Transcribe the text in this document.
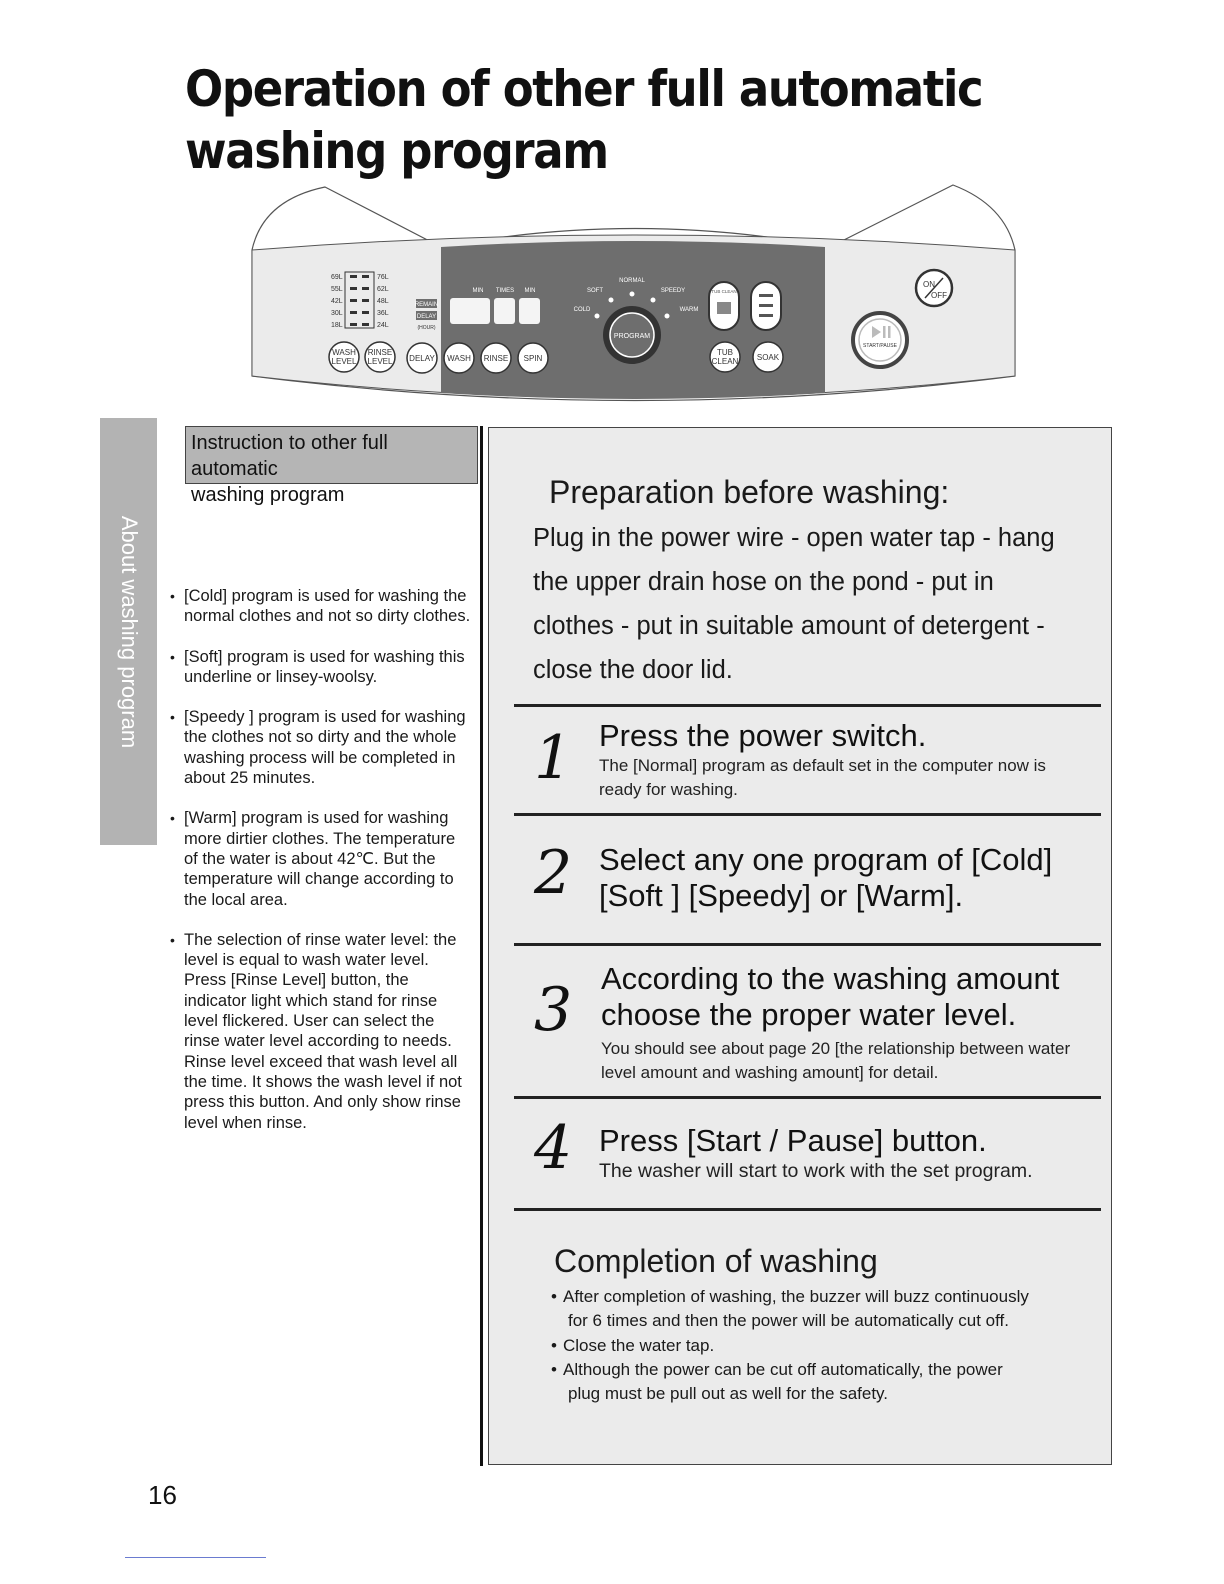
Operation of other full automatic
washing program
69L
55L
42L
30L
18L
76L
62L
48L
36L
24L
REMAIN
DELAY
(HOUR)
MIN TIMES MIN
NORMAL
SOFT	SPEEDY
COLD	WARM
PROGRAM
TUB CLEAN
WASH
LEVEL
RINSE
LEVEL DELAY WASH RINSE SPIN
TUB
CLEAN SOAK
ON
OFF
START/PAUSE
About washing program
Instruction to other full automatic
washing program
• [Cold] program is used for washing the normal clothes and not so dirty clothes.
• [Soft] program is used for washing this underline or linsey-woolsy.
• [Speedy ] program is used for washing the clothes not so dirty and the whole washing process will be completed in about 25 minutes.
• [Warm] program is used for washing more dirtier clothes. The temperature of the water is about 42℃. But the temperature will change according to the local area.
• The selection of rinse water level: the level is equal to wash water level. Press [Rinse Level] button, the indicator light which stand for rinse level flickered. User can select the rinse water level according to needs. Rinse level exceed that wash level all the time. It shows the wash level if not press this button. And only show rinse level when rinse.
Preparation before washing:

Plug in the power wire - open water tap - hang the upper drain hose on the pond - put in clothes - put in suitable amount of detergent - close the door lid.

1 Press the power switch.

The [Normal] program as default set in the computer now is ready for washing.

2 Select any one program of [Cold] [Soft ] [Speedy] or [Warm].
3 According to the washing amount choose the proper water level.

You should see about page 20 [the relationship between water level amount and washing amount] for detail.

4 Press [Start / Pause] button.

The washer will start to work with the set program.

Completion of washing
• After completion of washing, the buzzer will buzz continuously
for 6 times and then the power will be automatically cut off.
• Close the water tap.
• Although the power can be cut off automatically, the power
plug must be pull out as well for the safety.
16
